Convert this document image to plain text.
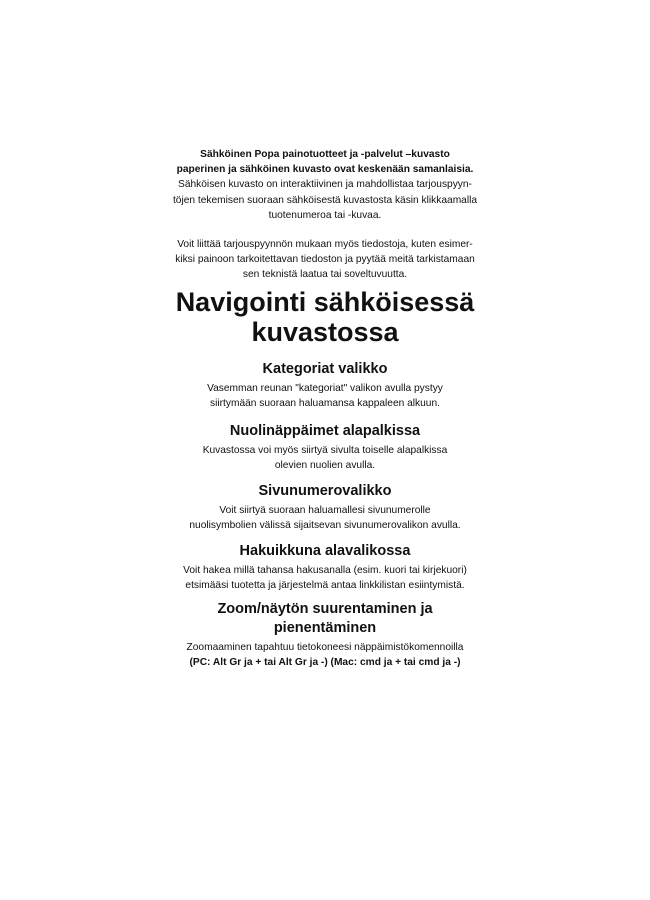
Sähköinen Popa painotuotteet ja -palvelut –kuvasto

paperinen ja sähköinen kuvasto ovat keskenään samanlaisia.

Sähköisen kuvasto on interaktiivinen ja mahdollistaa tarjouspyyn-

töjen tekemisen suoraan sähköisestä kuvastosta käsin klikkaamalla

tuotenumeroa tai -kuvaa.

Voit liittää tarjouspyynnön mukaan myös tiedostoja, kuten esimer-

kiksi painoon tarkoitettavan tiedoston ja pyytää meitä tarkistamaan

sen teknistä laatua tai soveltuvuutta.

Navigointi sähköisessä
kuvastossa
Kategoriat valikko

Vasemman reunan "kategoriat" valikon avulla pystyy

siirtymään suoraan haluamansa kappaleen alkuun.

Nuolinäppäimet alapalkissa

Kuvastossa voi myös siirtyä sivulta toiselle alapalkissa

olevien nuolien avulla.

Sivunumerovalikko

Voit siirtyä suoraan haluamallesi sivunumerolle

nuolisymbolien välissä sijaitsevan sivunumerovalikon avulla.

Hakuikkuna alavalikossa

Voit hakea millä tahansa hakusanalla (esim. kuori tai kirjekuori)

etsimääsi tuotetta ja järjestelmä antaa linkkilistan esiintymistä.

Zoom/näytön suurentaminen ja
pienentäminen

Zoomaaminen tapahtuu tietokoneesi näppäimistökomennoilla

(PC: Alt Gr ja + tai Alt Gr ja -) (Mac: cmd ja + tai cmd ja -)
